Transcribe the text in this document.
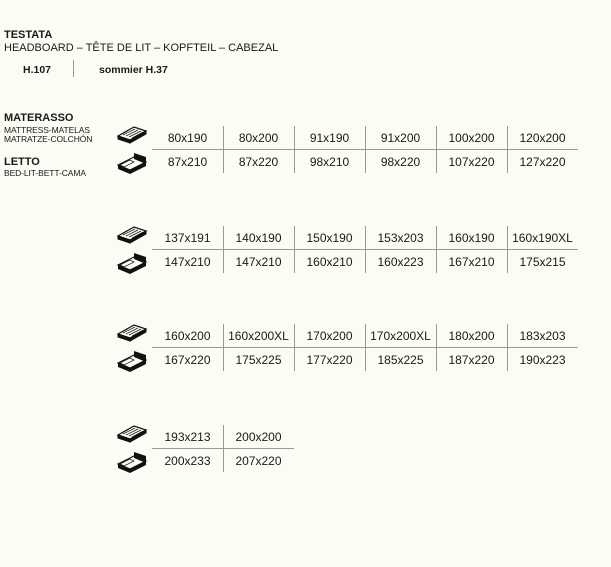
TESTATA
HEADBOARD – TÊTE DE LIT – KOPFTEIL – CABEZAL
H.107	sommier H.37
MATERASSO
MATTRESS-MATELAS
MATRATZE-COLCHÓN
LETTO
BED-LIT-BETT-CAMA
80x190
87x210
80x200
87x220
91x190
98x210
91x200
98x220
100x200
107x220
120x200
127x220
137x191
147x210
140x190
147x210
150x190
160x210
153x203
160x223
160x190
167x210
160x190XL
175x215
160x200
167x220
160x200XL
175x225
170x200
177x220
170x200XL
185x225
180x200
187x220
183x203
190x223
193x213
200x233
200x200
207x220
